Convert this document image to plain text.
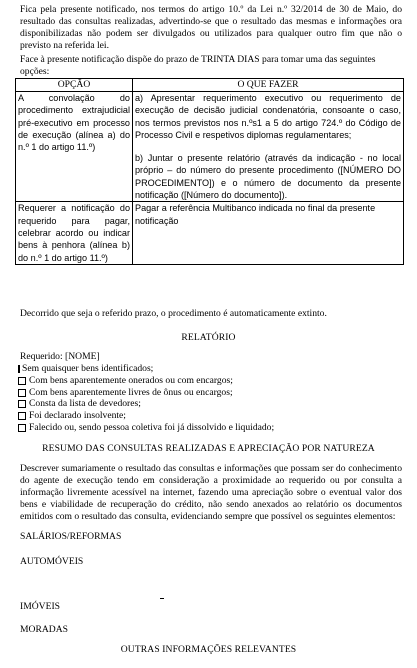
Fica pela presente notificado, nos termos do artigo 10.º da Lei n.º 32/2014 de 30 de Maio, do resultado das consultas realizadas, advertindo-se que o resultado das mesmas e informações ora disponibilizadas não podem ser divulgados ou utilizados para qualquer outro fim que não o previsto na referida lei.
Face à presente notificação dispõe do prazo de TRINTA DIAS para tomar uma das seguintes opções:
OPÇÃO	O QUE FAZER
A convolação do procedimento extrajudicial pré-executivo em processo de execução (alínea a) do n.º 1 do artigo 11.º)	a) Apresentar requerimento executivo ou requerimento de execução de decisão judicial condenatória, consoante o caso, nos termos previstos nos n.ºs1 a 5 do artigo 724.º do Código de Processo Civil e respetivos diplomas regulamentares;
b) Juntar o presente relatório (através da indicação - no local próprio – do número do presente procedimento ([NÚMERO DO PROCEDIMENTO]) e o número de documento da presente notificação ([Número do documento]).

Requerer a notificação do requerido para pagar, celebrar acordo ou indicar bens à penhora (alínea b) do n.º 1 do artigo 11.º)	Pagar a referência Multibanco indicada no final da presente notificação
Decorrido que seja o referido prazo, o procedimento é automaticamente extinto.
RELATÓRIO
Requerido: [NOME]
Sem quaisquer bens identificados;
Com bens aparentemente onerados ou com encargos;
Com bens aparentemente livres de ônus ou encargos;
Consta da lista de devedores;
Foi declarado insolvente;
Falecido ou, sendo pessoa coletiva foi já dissolvido e liquidado;
RESUMO DAS CONSULTAS REALIZADAS E APRECIAÇÃO POR NATUREZA
Descrever sumariamente o resultado das consultas e informações que possam ser do conhecimento do agente de execução tendo em consideração a proximidade ao requerido ou por consulta a informação livremente acessível na internet, fazendo uma apreciação sobre o eventual valor dos bens e viabilidade de recuperação do crédito, não sendo anexados ao relatório os documentos emitidos com o resultado das consulta, evidenciando sempre que possível os seguintes elementos:
SALÁRIOS/REFORMAS
AUTOMÓVEIS
IMÓVEIS
MORADAS
OUTRAS INFORMAÇÕES RELEVANTES
